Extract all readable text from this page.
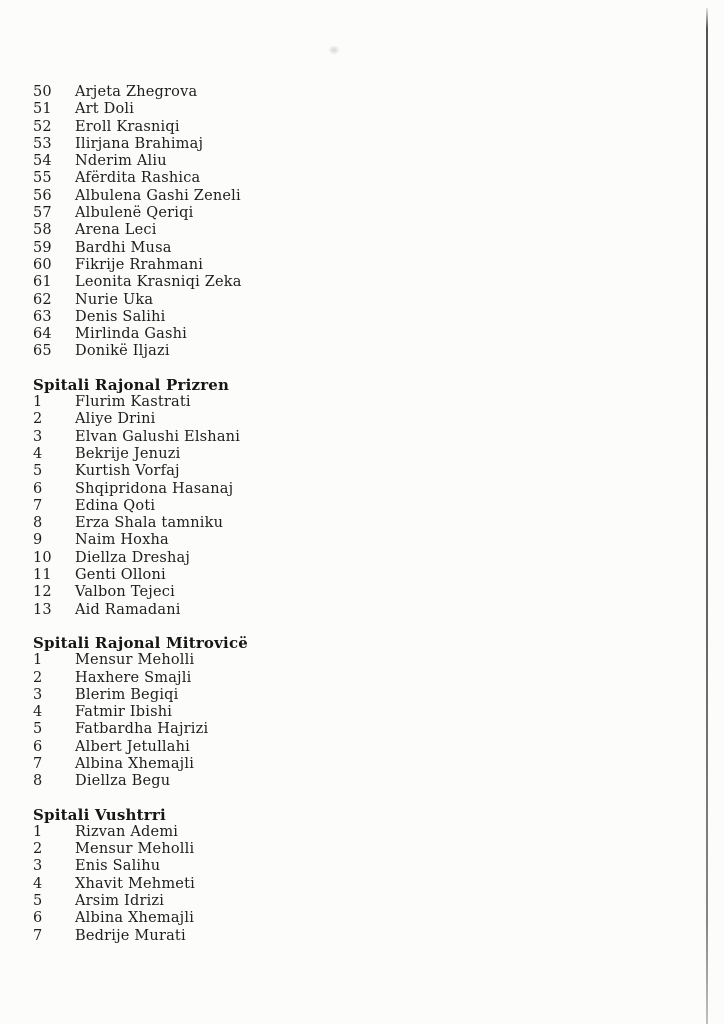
50	Arjeta Zhegrova
51	Art Doli
52	Eroll Krasniqi
53	Ilirjana Brahimaj
54	Nderim Aliu
55	Afërdita Rashica
56	Albulena Gashi Zeneli
57	Albulenë Qeriqi
58	Arena Leci
59	Bardhi Musa
60	Fikrije Rrahmani
61	Leonita Krasniqi Zeka
62	Nurie Uka
63	Denis Salihi
64	Mirlinda Gashi
65	Donikë Iljazi
Spitali Rajonal Prizren
1	Flurim Kastrati
2	Aliye Drini
3	Elvan Galushi Elshani
4	Bekrije Jenuzi
5	Kurtish Vorfaj
6	Shqipridona Hasanaj
7	Edina Qoti
8	Erza Shala tamniku
9	Naim Hoxha
10	Diellza Dreshaj
11	Genti Olloni
12	Valbon Tejeci
13	Aid Ramadani
Spitali Rajonal Mitrovicë
1	Mensur Meholli
2	Haxhere Smajli
3	Blerim Begiqi
4	Fatmir Ibishi
5	Fatbardha Hajrizi
6	Albert Jetullahi
7	Albina Xhemajli
8	Diellza Begu
Spitali Vushtrri
1	Rizvan Ademi
2	Mensur Meholli
3	Enis Salihu
4	Xhavit Mehmeti
5	Arsim Idrizi
6	Albina Xhemajli
7	Bedrije Murati
